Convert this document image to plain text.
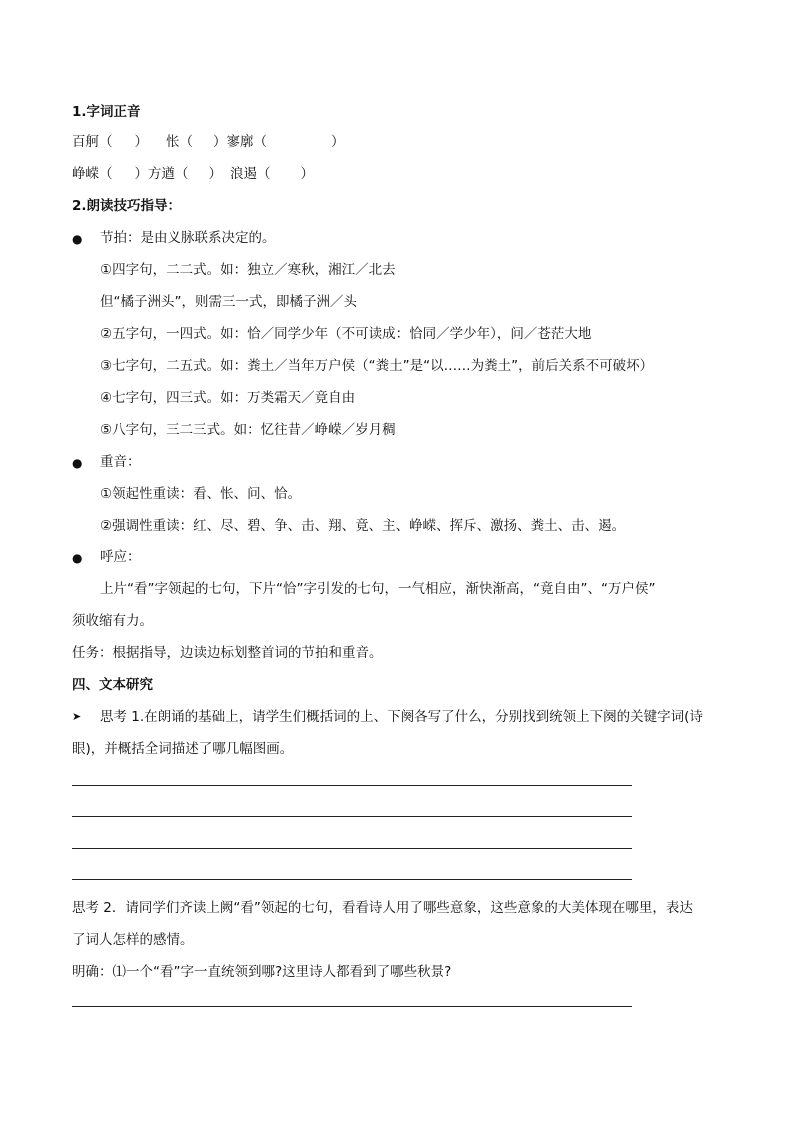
1.字词正音
百舸（ ） 怅（ ）寥廓（	）
峥嵘（ ）方遒（ ） 浪遏（ ）
2.朗读技巧指导：
●	节拍：是由义脉联系决定的。
①四字句，二二式。如：独立／寒秋，湘江／北去
但“橘子洲头”，则需三一式，即橘子洲／头
②五字句，一四式。如：恰／同学少年（不可读成：恰同／学少年），问／苍茫大地
③七字句，二五式。如：粪土／当年万户侯（“粪土”是“以……为粪土”，前后关系不可破坏）
④七字句，四三式。如：万类霜天／竟自由
⑤八字句，三二三式。如：忆往昔／峥嵘／岁月稠
●	重音：
①领起性重读：看、怅、问、恰。
②强调性重读：红、尽、碧、争、击、翔、竟、主、峥嵘、挥斥、激扬、粪土、击、遏。
●	呼应：
上片“看”字领起的七句，下片“恰”字引发的七句，一气相应，渐快渐高，“竟自由”、“万户侯”
须收缩有力。
任务：根据指导，边读边标划整首词的节拍和重音。
四、文本研究
➤	思考 1.在朗诵的基础上，请学生们概括词的上、下阕各写了什么，分别找到统领上下阕的关键字词(诗
眼)，并概括全词描述了哪几幅图画。
思考 2．请同学们齐读上阙“看”领起的七句，看看诗人用了哪些意象，这些意象的大美体现在哪里，表达
了词人怎样的感情。
明确：⑴一个“看”字一直统领到哪?这里诗人都看到了哪些秋景?
